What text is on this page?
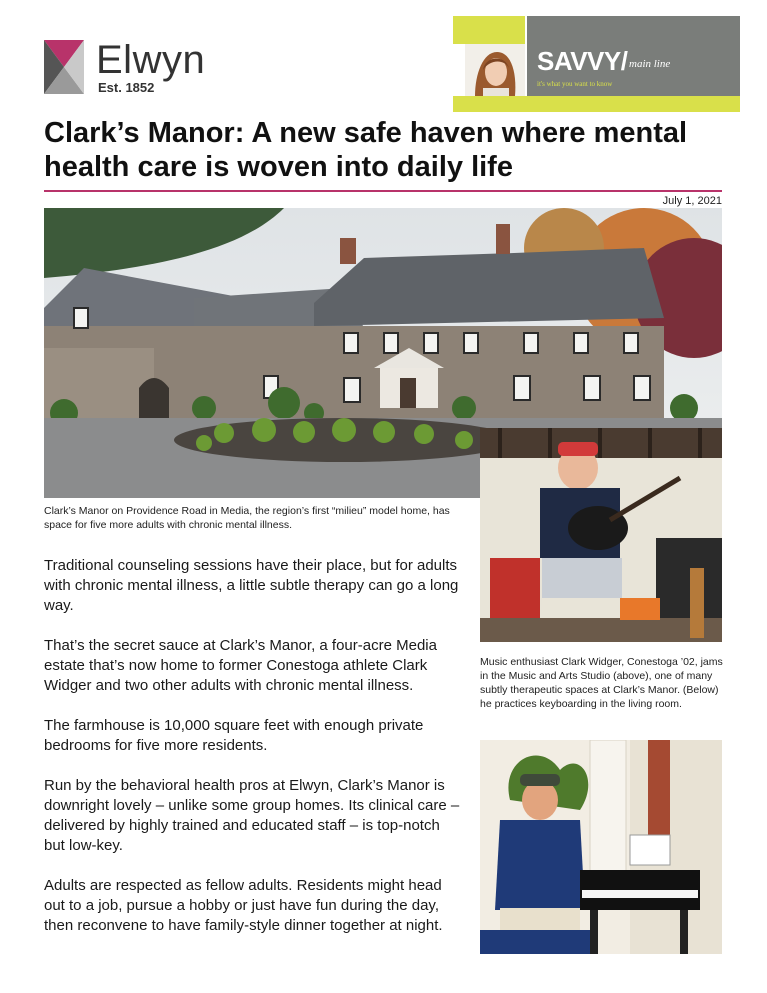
Elwyn
Est. 1852
SAVVY/ main line
it's what you want to know
Clark’s Manor: A new safe haven where mental health care is woven into daily life
July 1, 2021
Clark’s Manor on Providence Road in Media, the region’s first “milieu” model home, has space for five more adults with chronic mental illness.
Music enthusiast Clark Widger, Conestoga ’02, jams in the Music and Arts Studio (above), one of many subtly therapeutic spaces at Clark’s Manor. (Below) he practices keyboarding in the living room.

Traditional counseling sessions have their place, but for adults with chronic mental illness, a little subtle therapy can go a long way.

That’s the secret sauce at Clark’s Manor, a four-acre Media estate that’s now home to former Conestoga athlete Clark Widger and two other adults with chronic mental illness.

The farmhouse is 10,000 square feet with enough private bedrooms for five more residents.

Run by the behavioral health pros at Elwyn, Clark’s Manor is downright lovely – unlike some group homes. Its clinical care – delivered by highly trained and educated staff – is top-notch but low-key.

Adults are respected as fellow adults. Residents might head out to a job, pursue a hobby or just have fun during the day, then reconvene to have family-style dinner together at night.
